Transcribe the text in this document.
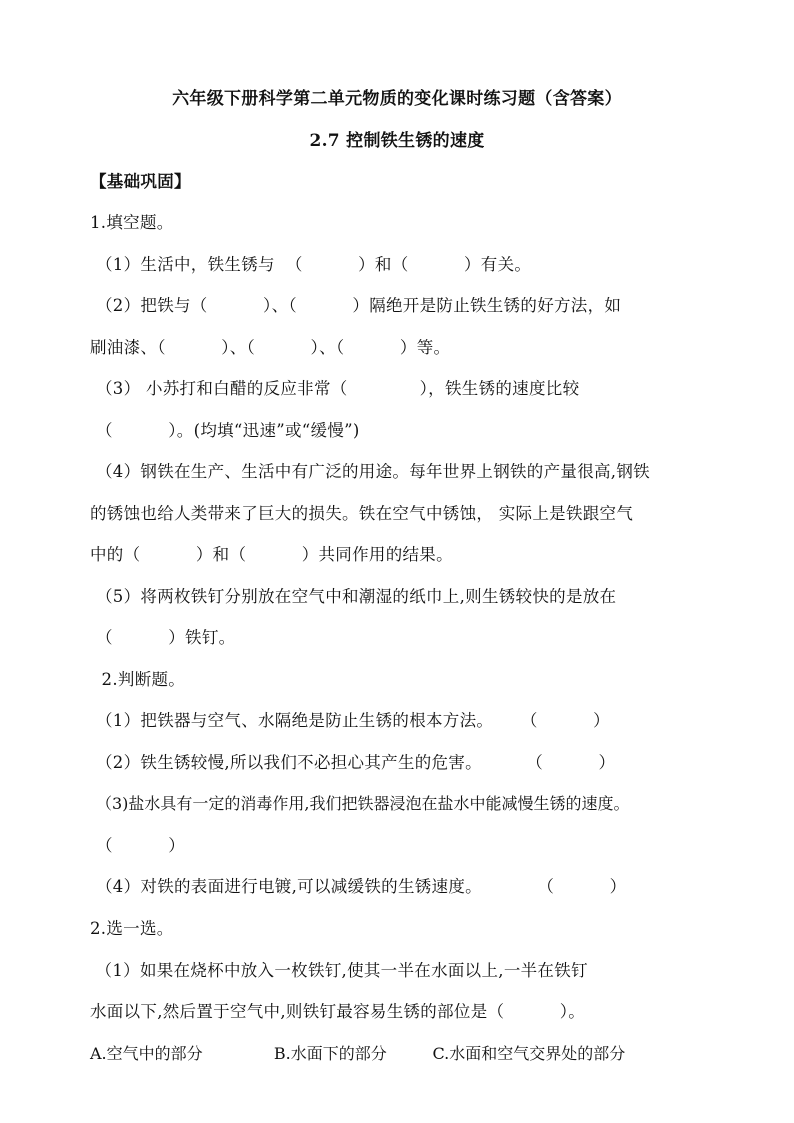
六年级下册科学第二单元物质的变化课时练习题（含答案）
2.7 控制铁生锈的速度
【基础巩固】
1.填空题。
（1）生活中，铁生锈与  （          ）和（          ）有关。
（2）把铁与（          ）、（          ）隔绝开是防止铁生锈的好方法，如
刷油漆、（          ）、（          ）、（          ）等。
（3） 小苏打和白醋的反应非常（             ），铁生锈的速度比较
（          ）。(均填“迅速”或“缓慢”)
（4）钢铁在生产、生活中有广泛的用途。每年世界上钢铁的产量很高,钢铁
的锈蚀也给人类带来了巨大的损失。铁在空气中锈蚀， 实际上是铁跟空气
中的（          ）和（          ）共同作用的结果。
（5）将两枚铁钉分别放在空气中和潮湿的纸巾上,则生锈较快的是放在
（          ）铁钉。
2.判断题。
（1）把铁器与空气、水隔绝是防止生锈的根本方法。     （          ）
（2）铁生锈较慢,所以我们不必担心其产生的危害。        （          ）
（3)盐水具有一定的消毒作用,我们把铁器浸泡在盐水中能减慢生锈的速度。
（          ）
（4）对铁的表面进行电镀,可以减缓铁的生锈速度。          （          ）
2.选一选。
（1）如果在烧杯中放入一枚铁钉,使其一半在水面以上,一半在铁钉
水面以下,然后置于空气中,则铁钉最容易生锈的部位是（          ）。
A.空气中的部分              B.水面下的部分         C.水面和空气交界处的部分
